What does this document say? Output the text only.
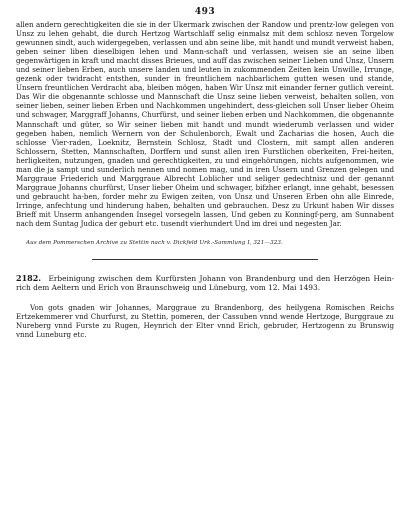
493

allen andern gerechtigkeiten die sie in der Ukermark zwischen der Randow und prentz-low gelegen von Unsz zu lehen gehabt, die durch Hertzog Wartschlaff selig einmalsz mit dem schlosz neven Torgelow gewunnen sindt, auch widergegeben, verlassen und abn seine libe, mit handt und mundt verweist haben, geben seiner liben dieselbigen lehen und Mann-schaft und verlassen, weisen sie an seine liben gegenwärtigen in kraft und macht disses Brieues, und auff das zwischen seiner Lieben und Unsz, Unsern und seiner lieben Erben, auch unsere landen und leuten in zukommenden Zeiten kein Unwille, Irrunge, gezenk oder twidracht entsthen, sunder in freuntlichem nachbarlichem gutten wesen und stande, Unsern freuntlichen Verdracht aba, bleiben mögen, haben Wir Unsz mit einander ferner gutlich vereint. Das Wir die obgenannte schlosse und Mannschaft die Unsz seine lieben verweist, behalten sollen, von seiner lieben, seiner lieben Erben und Nachkommen ungehindert, dess-gleichen soll Unser lieber Oheim und schwager, Marggraff Johanns, Churfürst, und seiner lieben erben und Nachkommen, die obgenannte Mannschaft und güter, so Wir seiner lieben mit handt und mundt wiederumb verlassen und wider gegeben haben, nemlich Wernern von der Schulenborch, Ewalt und Zacharias die hosen, Auch die schlosse Vier-raden, Loeknitz, Bernstein Schlosz, Stadt und Clostern, mit sampt allen anderen Schlossern, Stetten, Mannschaften, Dorffern und sunst allen iren Furstlichen oberkeiten, Frei-heiten, herligkeiten, nutzungen, gnaden und gerechtigkeiten, zu und eingehörungen, nichts aufgenommen, wie man die ja sampt und sunderlich nennen und nomen mag, und in iren Ussern und Grenzen gelegen und Marggraue Friederich und Marggraue Albrecht Loblicher und seliger gedechtnisz und der genannt Marggraue Johanns churfürst, Unser lieber Oheim und schwager, bifzher erlangt, inne gehabt, besessen und gebraucht ha-ben, forder mehr zu Ewigen zeiten, von Unsz und Unseren Erben ohn alle Einrede, Irringe, anfechtung und hinderung haben, behalten und gebrauchen. Desz zu Urkunt haben Wir disses Brieff mit Unserm anhangenden Insegel vorsegeln lassen, Und geben zu Konningf-perg, am Sunnabent nach dem Suntag Judica der geburt etc. tusendt vierhundert Und im drei und negesten Jar.

Aus dem Pommerschen Archive zu Stettin nach v. Dickfeld Urk.-Sammlung I, 321—323.

2182. Erbeinigung zwischen dem Kurfürsten Johann von Brandenburg und den Herzögen Hein-rich dem Aeltern und Erich von Braunschweig und Lüneburg, vom 12. Mai 1493.

Von gots gnaden wir Johannes, Marggraue zu Brandenborg, des heilygena Romischen Reichs Ertzekemmerer vnd Churfurst, zu Stettin, pomeren, der Cassuben vnnd wende Hertzoge, Burggraue zu Nureberg vnnd Furste zu Rugen, Heynrich der Elter vnnd Erich, gebruder, Hertzogenn zu Brunswig vnnd Luneburg etc.
